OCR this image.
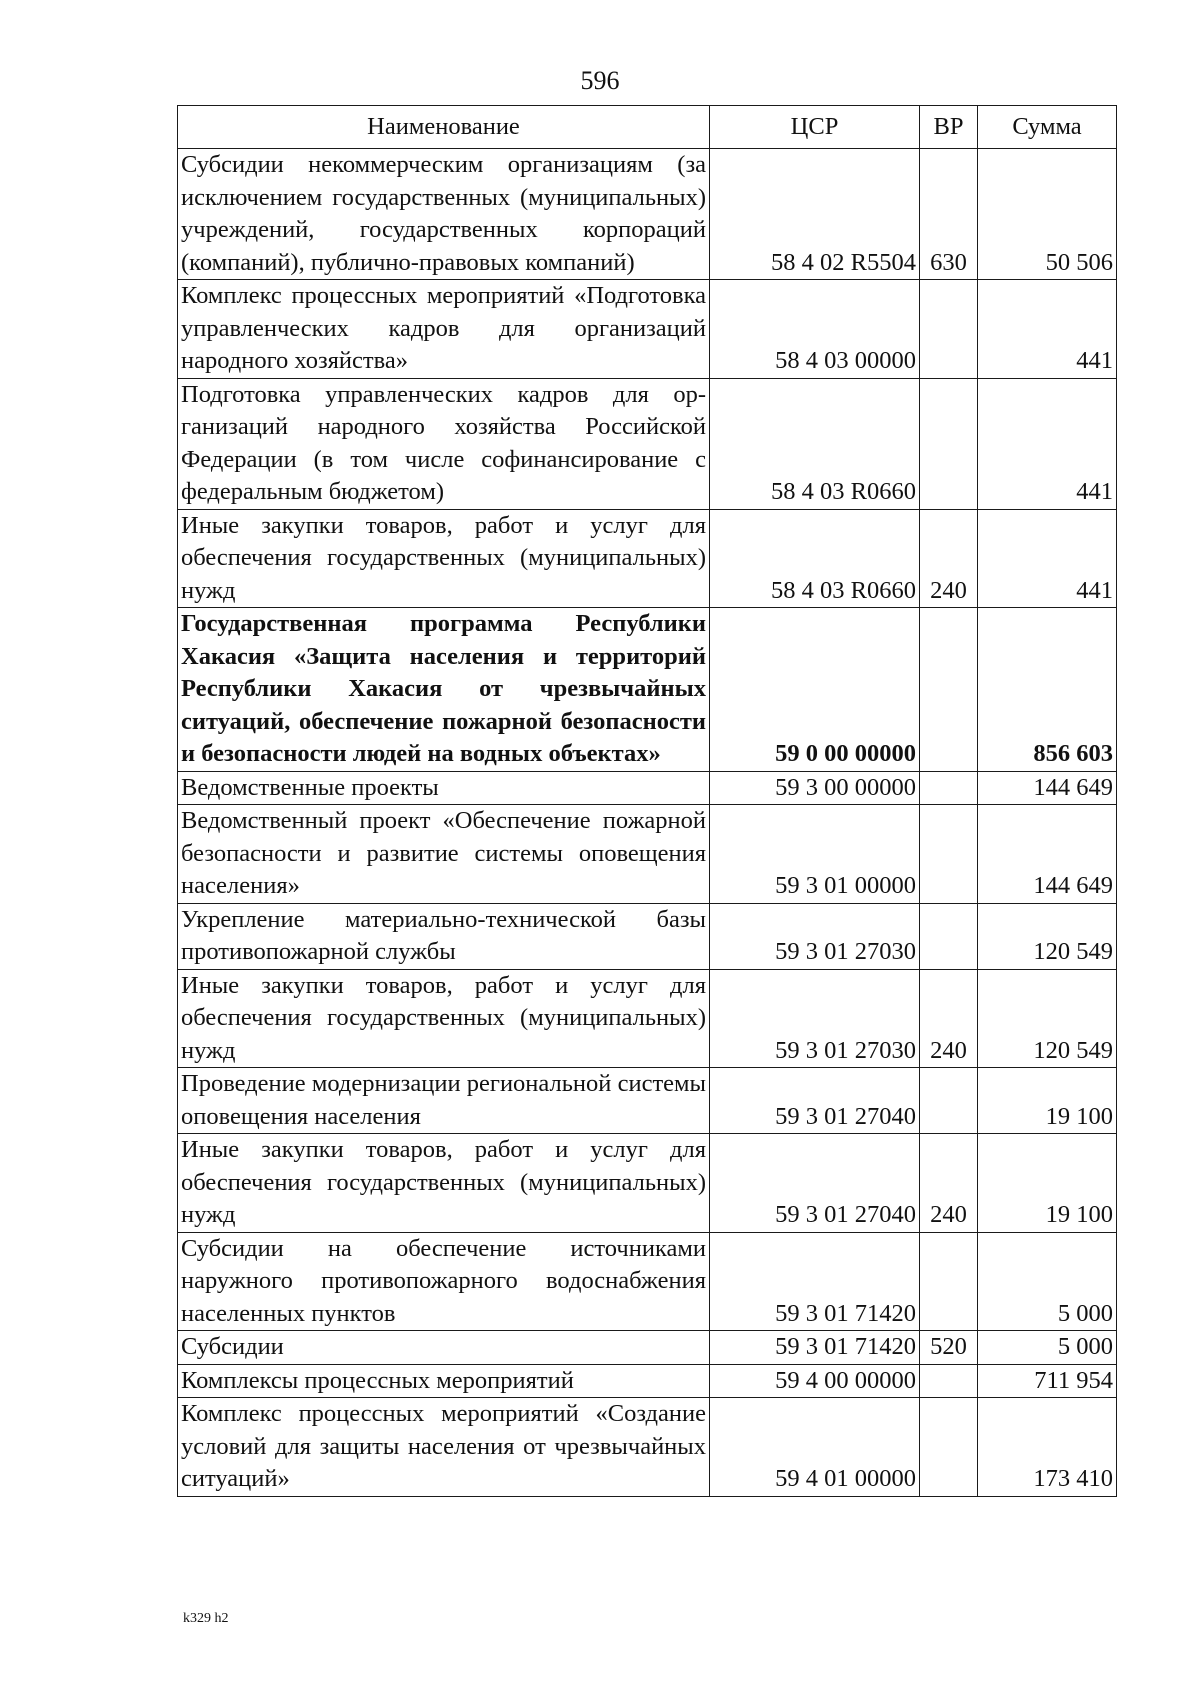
596
Наименование	ЦСР	ВР	Сумма
Субсидии некоммерческим организациям (за исключением государственных (муниципальных) учреждений, государственных корпораций (компаний), публично-правовых компаний)	58 4 02 R5504	630	50 506
Комплекс процессных мероприятий «Подготовка управленческих кадров для организаций народного хозяйства»	58 4 03 00000		441
Подготовка управленческих кадров для организаций народного хозяйства Российской Федерации (в том числе софинансирование с федеральным бюджетом)	58 4 03 R0660		441
Иные закупки товаров, работ и услуг для обеспечения государственных (муниципальных) нужд	58 4 03 R0660	240	441
Государственная программа Республики Хакасия «Защита населения и территорий Республики Хакасия от чрезвычайных ситуаций, обеспечение пожарной безопасности и безопасности людей на водных объектах»	59 0 00 00000		856 603
Ведомственные проекты	59 3 00 00000		144 649
Ведомственный проект «Обеспечение пожарной безопасности и развитие системы оповещения населения»	59 3 01 00000		144 649
Укрепление материально-технической базы противопожарной службы	59 3 01 27030		120 549
Иные закупки товаров, работ и услуг для обеспечения государственных (муниципальных) нужд	59 3 01 27030	240	120 549
Проведение модернизации региональной системы оповещения населения	59 3 01 27040		19 100
Иные закупки товаров, работ и услуг для обеспечения государственных (муниципальных) нужд	59 3 01 27040	240	19 100
Субсидии на обеспечение источниками наружного противопожарного водоснабжения населенных пунктов	59 3 01 71420		5 000
Субсидии	59 3 01 71420	520	5 000
Комплексы процессных мероприятий	59 4 00 00000		711 954
Комплекс процессных мероприятий «Создание условий для защиты населения от чрезвычайных ситуаций»	59 4 01 00000		173 410
k329 h2
